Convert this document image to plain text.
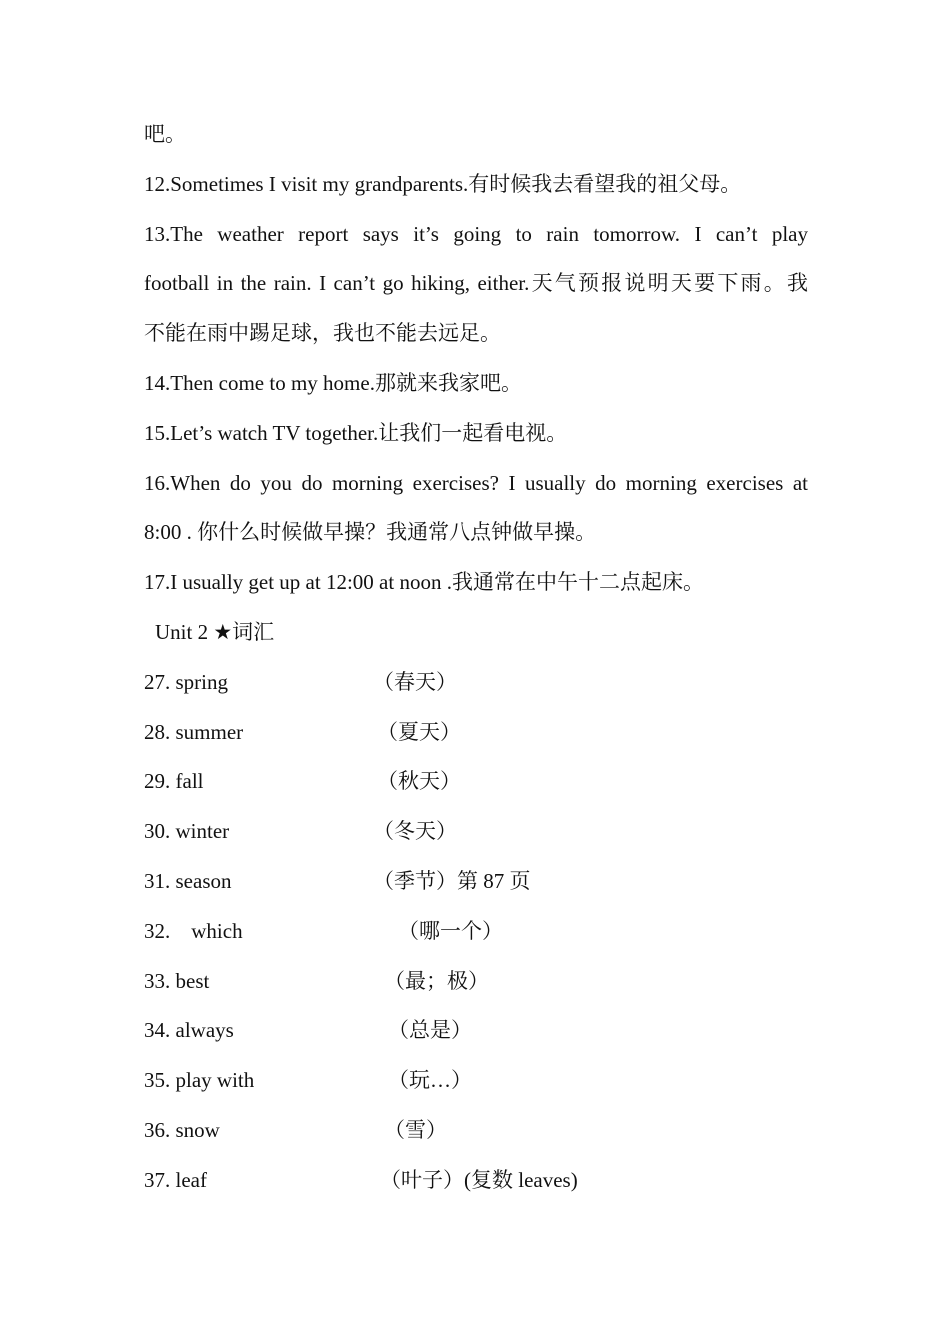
吧。
12.Sometimes I visit my grandparents.有时候我去看望我的祖父母。
13.The weather report says it’s going to rain tomorrow. I can’t play
football in the rain. I can’t go hiking, either.天气预报说明天要下雨。我
不能在雨中踢足球，我也不能去远足。
14.Then come to my home.那就来我家吧。
15.Let’s watch TV together.让我们一起看电视。
16.When do you do morning exercises? I usually do morning exercises at
8:00 . 你什么时候做早操？我通常八点钟做早操。
17.I usually get up at 12:00 at noon .我通常在中午十二点起床。
Unit 2 ★词汇
27. spring	（春天）
28. summer	（夏天）
29. fall	（秋天）
30. winter	（冬天）
31. season	（季节）第 87 页
32.    which	（哪一个）
33. best	（最；极）
34. always	（总是）
35. play with	（玩…）
36. snow	（雪）
37. leaf	（叶子）(复数 leaves)
